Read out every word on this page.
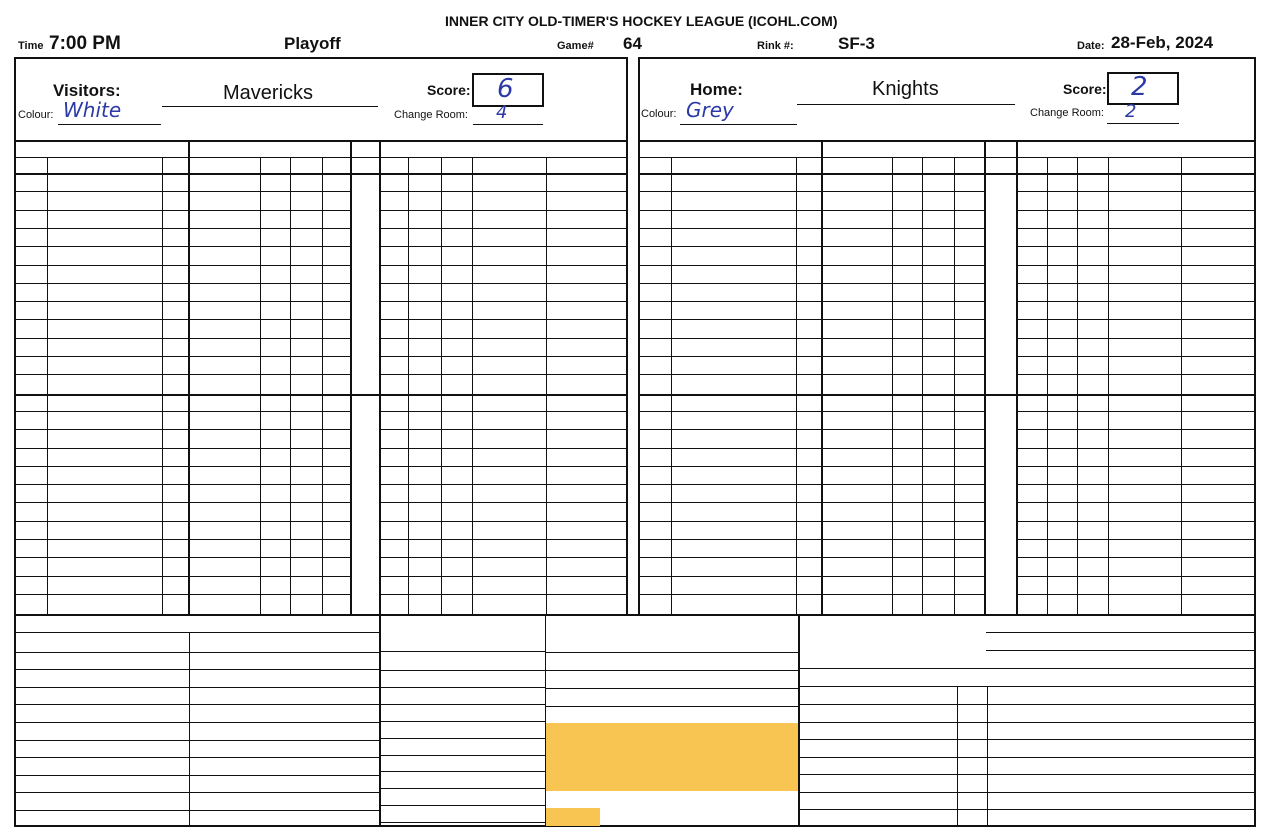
INNER CITY OLD-TIMER'S HOCKEY LEAGUE (ICOHL.COM)
Time 7:00 PM	Playoff	Game# 64	Rink #:	SF-3	Date: 28-Feb, 2024
Visitors:
Colour: White
Mavericks	Score: 6
Change Room: 4
Home:
Colour: Grey
Knights	Score: 2
Change Room: 2
